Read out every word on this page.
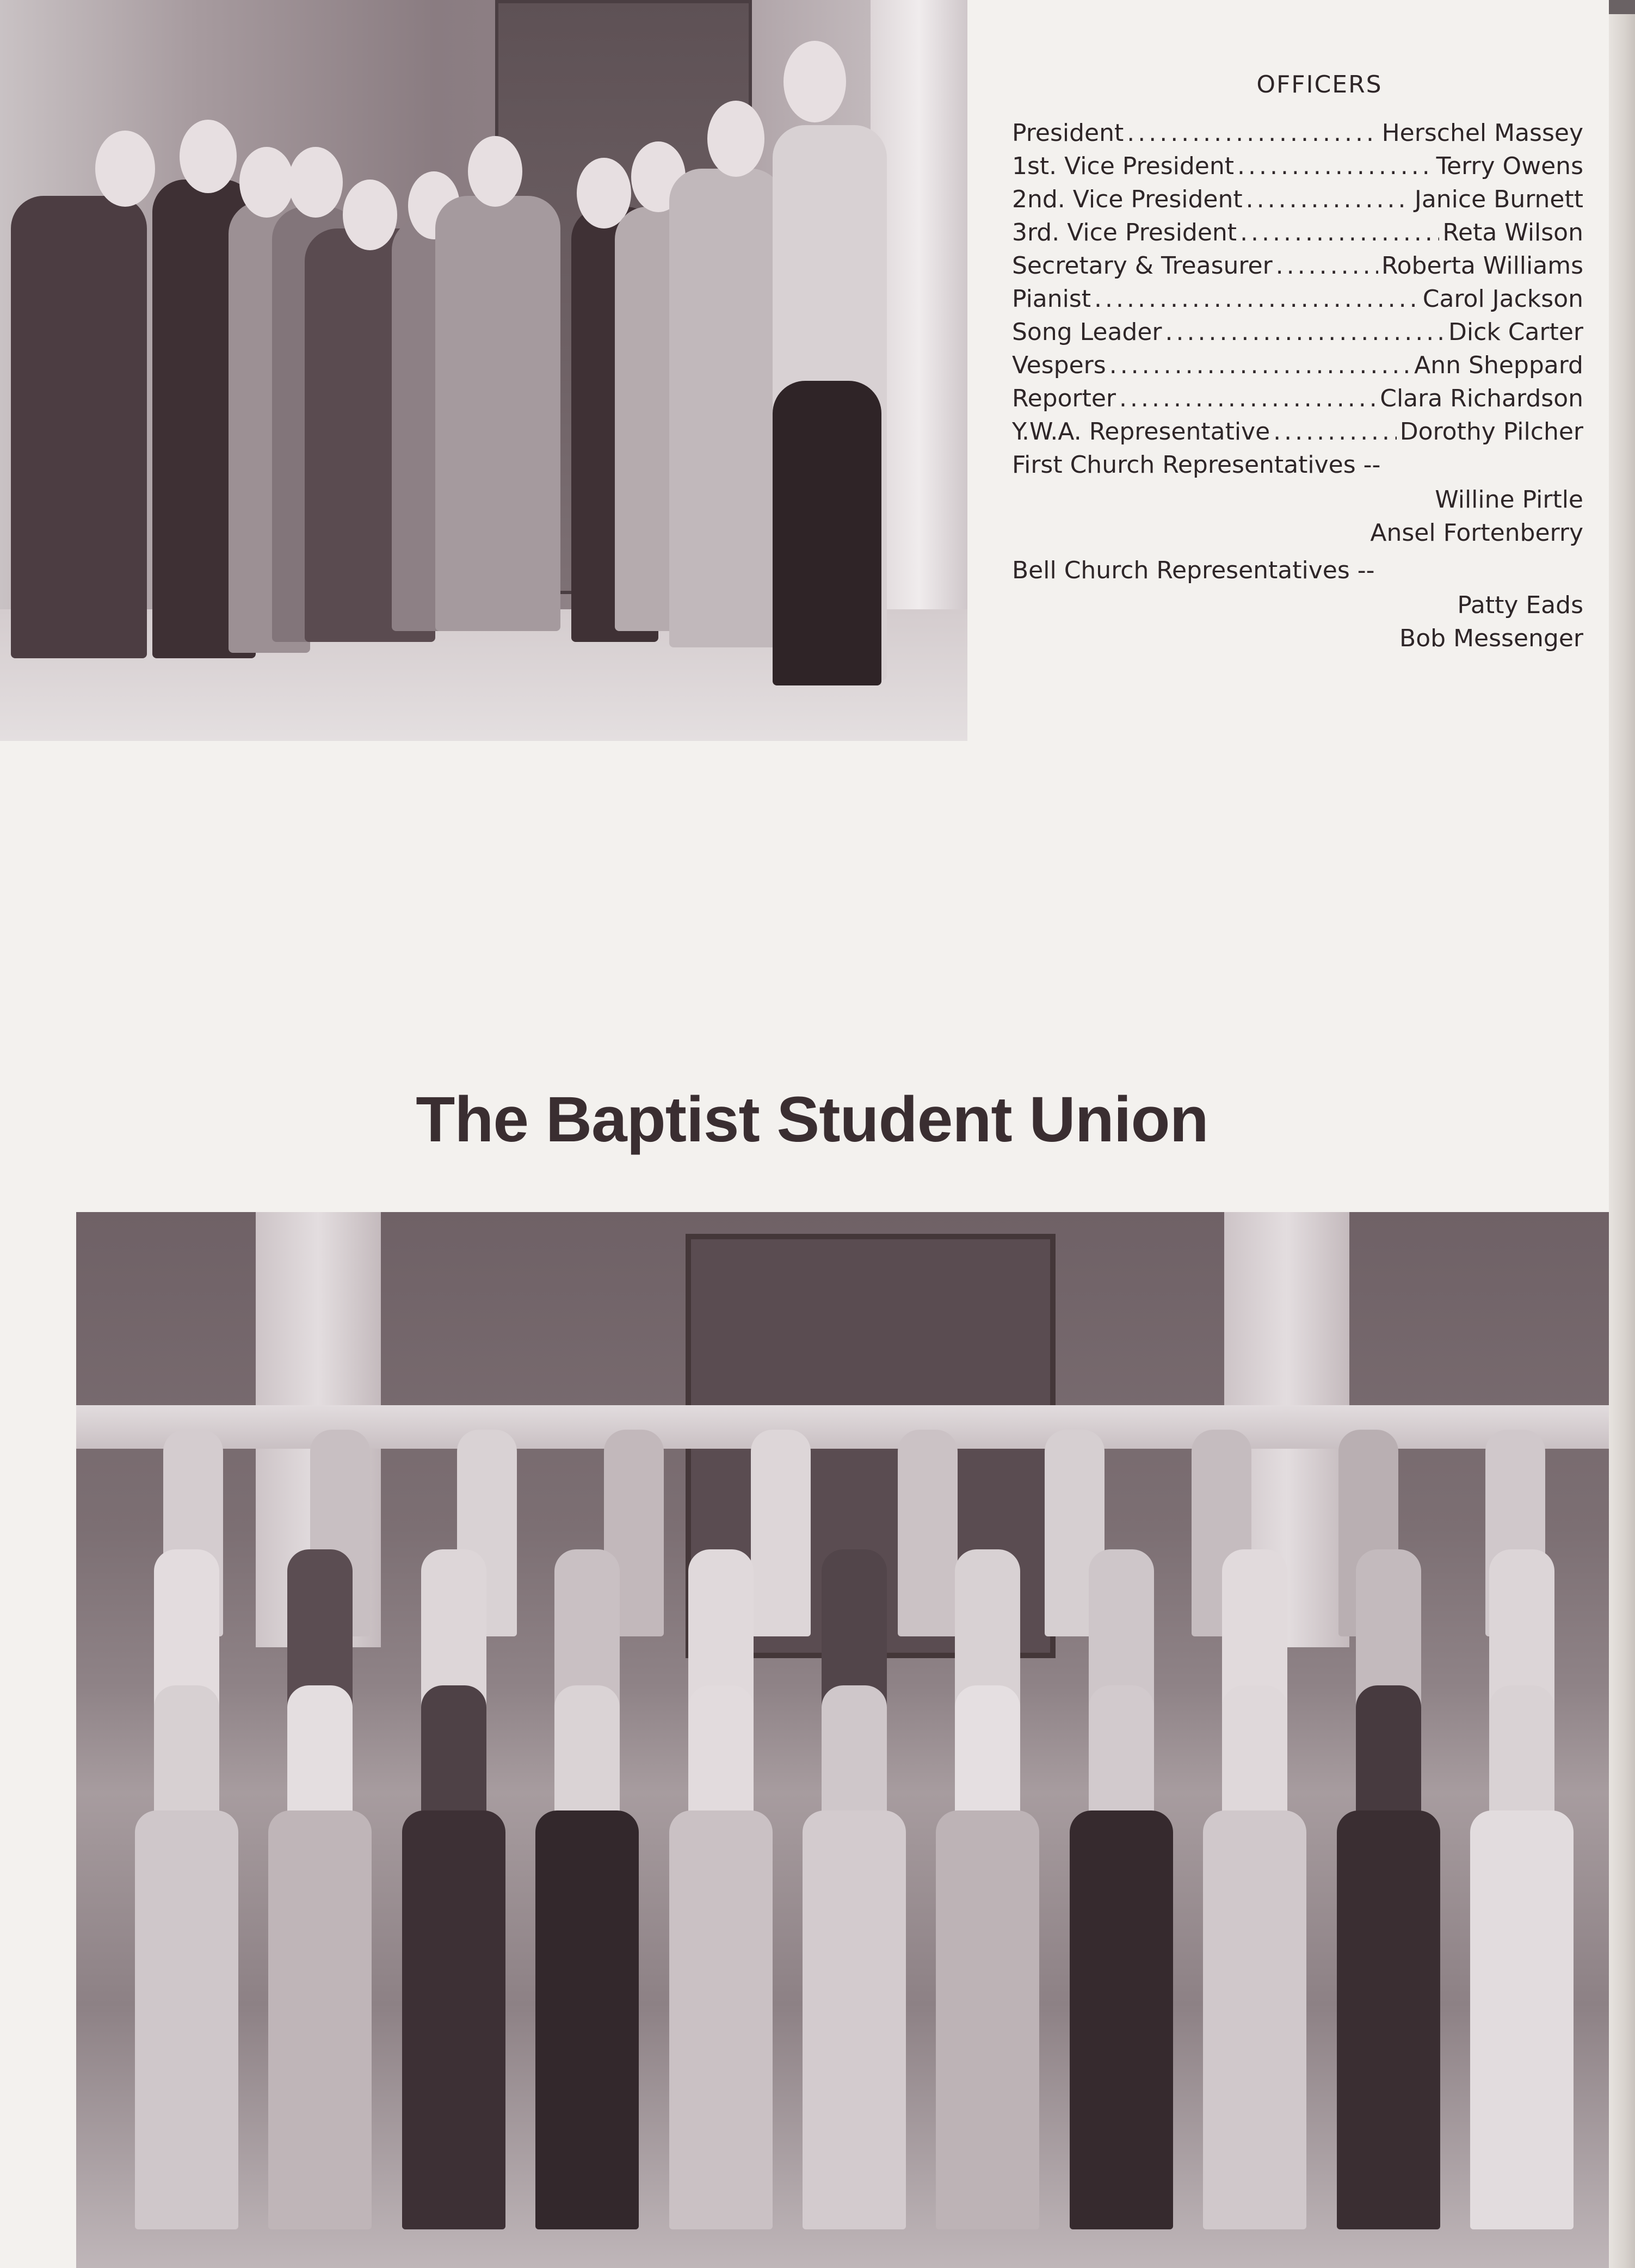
OFFICERS
President .....	Herschel Massey
1st. Vice President .....	Terry Owens
2nd. Vice President .....	Janice Burnett
3rd. Vice President .....	Reta Wilson
Secretary & Treasurer .....	Roberta Williams
Pianist .....	Carol Jackson
Song Leader .....	Dick Carter
Vespers .....	Ann Sheppard
Reporter .....	Clara Richardson
Y.W.A. Representative .....	Dorothy Pilcher
First Church Representatives --
Willine Pirtle
Ansel Fortenberry
Bell Church Representatives --
Patty Eads
Bob Messenger
The Baptist Student Union
